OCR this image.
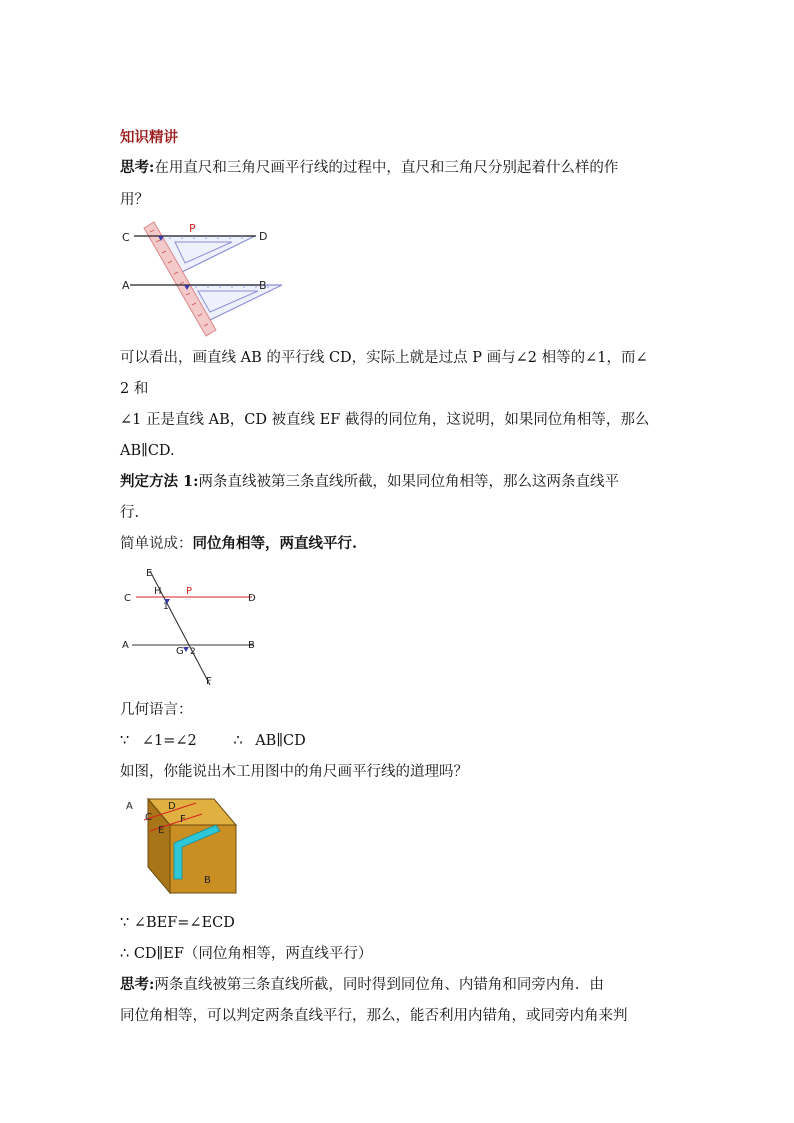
知识精讲
思考:在用直尺和三角尺画平行线的过程中，直尺和三角尺分别起着什么样的作
用？
C	D
P
A	B
可以看出，画直线 AB 的平行线 CD，实际上就是过点 P 画与∠2 相等的∠1，而∠
2 和
∠1 正是直线 AB，CD 被直线 EF 截得的同位角，这说明，如果同位角相等，那么
AB∥CD.
判定方法 1:两条直线被第三条直线所截，如果同位角相等，那么这两条直线平
行.
简单说成：同位角相等，两直线平行.
E
H P
C	D
1
A	B
G 2
F
几何语言：
∵ ∠1=∠2	∴ AB∥CD
如图，你能说出木工用图中的角尺画平行线的道理吗？
A	D
C	F
E
B
∵ ∠BEF=∠ECD
∴ CD∥EF（同位角相等，两直线平行）
思考:两条直线被第三条直线所截，同时得到同位角、内错角和同旁内角．由
同位角相等，可以判定两条直线平行，那么，能否利用内错角，或同旁内角来判
